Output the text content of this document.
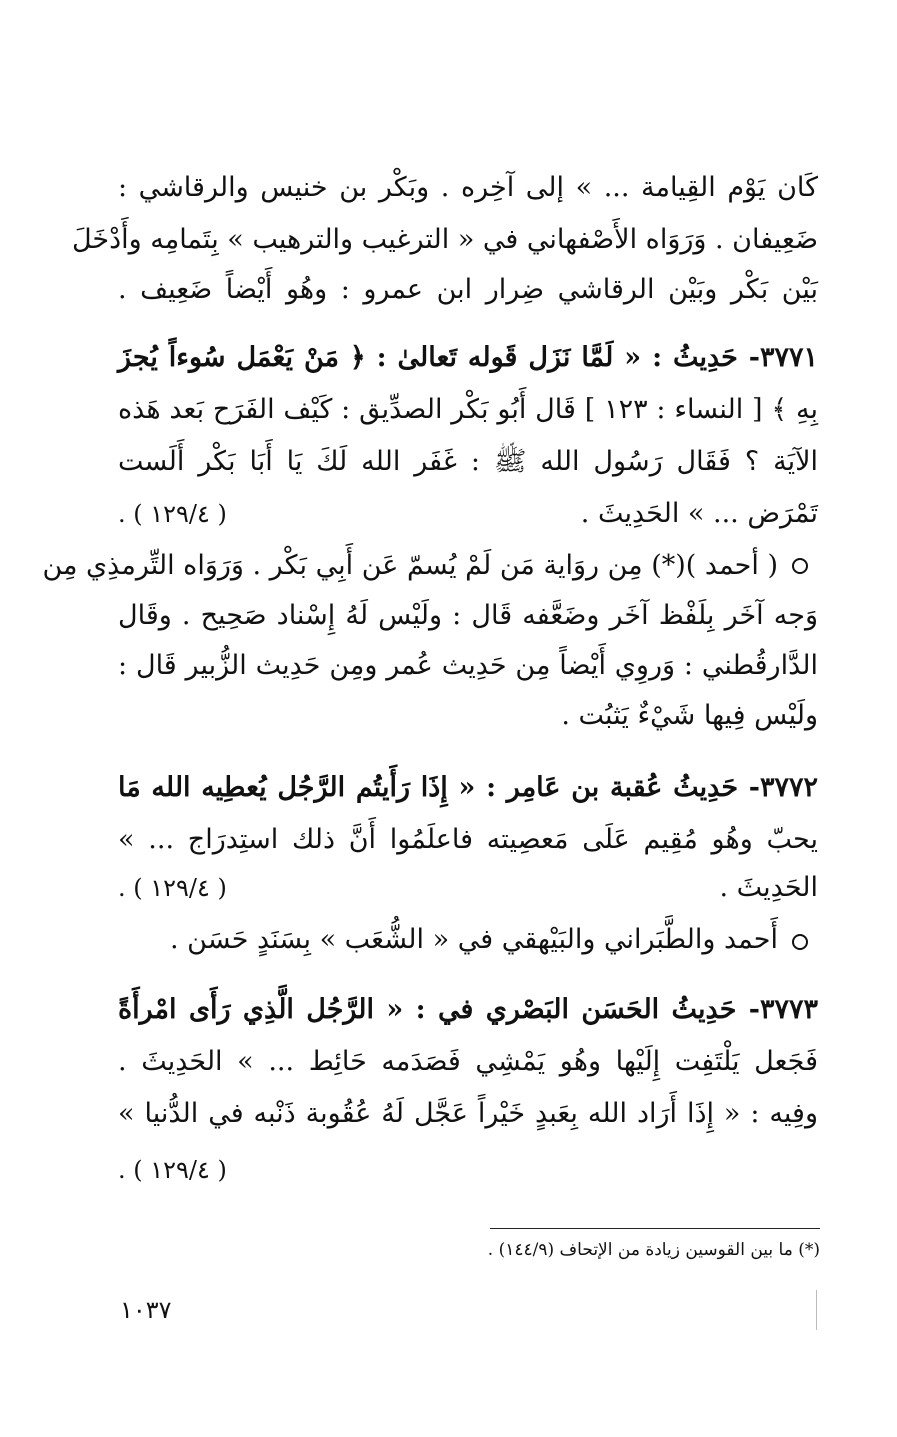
كَان يَوْم القِيامة ... » إلى آخِره . وبَكْر بن خنيس والرقاشي :
ضَعِيفان . وَرَوَاه الأَصْفهاني في « الترغيب والترهيب » بِتَمامِه وأَدْخَلَ
بَيْن بَكْر وبَيْن الرقاشي ضِرار ابن عمرو : وهُو أَيْضاً ضَعِيف .
٣٧٧١- حَدِيثُ : « لَمَّا نَزَل قَوله تَعالىٰ : ﴿ مَنْ يَعْمَل سُوءاً يُجزَ
بِهِ ﴾ [ النساء : ١٢٣ ] قَال أَبُو بَكْر الصدِّيق : كَيْف الفَرَح بَعد هَذه
الآيَة ؟ فَقَال رَسُول الله ﷺ : غَفَر الله لَكَ يَا أَبَا بَكْر أَلَست
تَمْرَض ... » الحَدِيثَ .
( ١٢٩/٤ ) .
( أحمد )(*) مِن روَاية مَن لَمْ يُسمّ عَن أَبِي بَكْر . وَرَوَاه التِّرمذِي مِن
وَجه آخَر بِلَفْظ آخَر وضَعَّفه قَال : ولَيْس لَهُ إِسْناد صَحِيح . وقَال
الدَّارقُطني : وَروِي أَيْضاً مِن حَدِيث عُمر ومِن حَدِيث الزُّبير قَال :
ولَيْس فِيها شَيْءٌ يَثبُت .
٣٧٧٢- حَدِيثُ عُقبة بن عَامِر : « إِذَا رَأَيتُم الرَّجُل يُعطِيه الله مَا
يحبّ وهُو مُقِيم عَلَى مَعصِيته فاعلَمُوا أَنَّ ذلك استِدرَاج ... »
الحَدِيثَ .
( ١٢٩/٤ ) .
أَحمد والطَّبَراني والبَيْهقي في « الشُّعَب » بِسَنَدٍ حَسَن .
٣٧٧٣- حَدِيثُ الحَسَن البَصْري في : « الرَّجُل الَّذِي رَأَى امْرأَةً
فَجَعل يَلْتَفِت إِلَيْها وهُو يَمْشِي فَصَدَمه حَائِط ... » الحَدِيثَ .
وفِيه : « إِذَا أَرَاد الله بِعَبدٍ خَيْراً عَجَّل لَهُ عُقُوبة ذَنْبه في الدُّنيا »
( ١٢٩/٤ ) .
(*) ما بين القوسين زيادة من الإتحاف (١٤٤/٩) .
١٠٣٧
